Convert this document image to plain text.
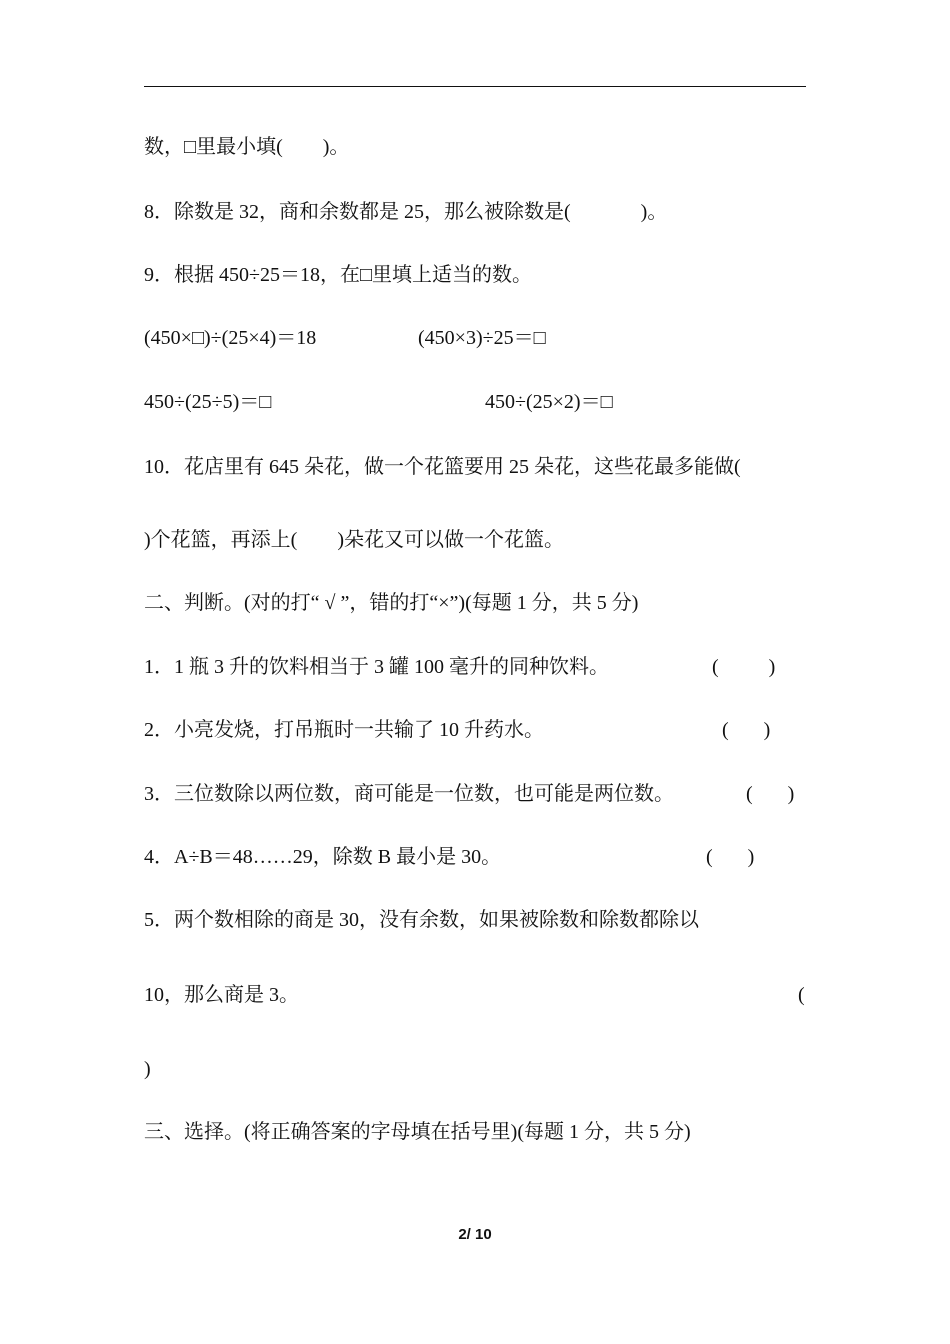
数，□里最小填(        )。
8．除数是 32，商和余数都是 25，那么被除数是(              )。
9．根据 450÷25＝18，在□里填上适当的数。
(450×□)÷(25×4)＝18	(450×3)÷25＝□
450÷(25÷5)＝□	450÷(25×2)＝□
10．花店里有 645 朵花，做一个花篮要用 25 朵花，这些花最多能做(
)个花篮，再添上(        )朵花又可以做一个花篮。
二、判断。(对的打“ √ ”，错的打“×”)(每题 1 分，共 5 分)
1．1 瓶 3 升的饮料相当于 3 罐 100 毫升的同种饮料。	(          )
2．小亮发烧，打吊瓶时一共输了 10 升药水。	(       )
3．三位数除以两位数，商可能是一位数，也可能是两位数。	(       )
4．A÷B＝48……29，除数 B 最小是 30。	(       )
5．两个数相除的商是 30，没有余数，如果被除数和除数都除以
10，那么商是 3。	(
)
三、选择。(将正确答案的字母填在括号里)(每题 1 分，共 5 分)
2/ 10
